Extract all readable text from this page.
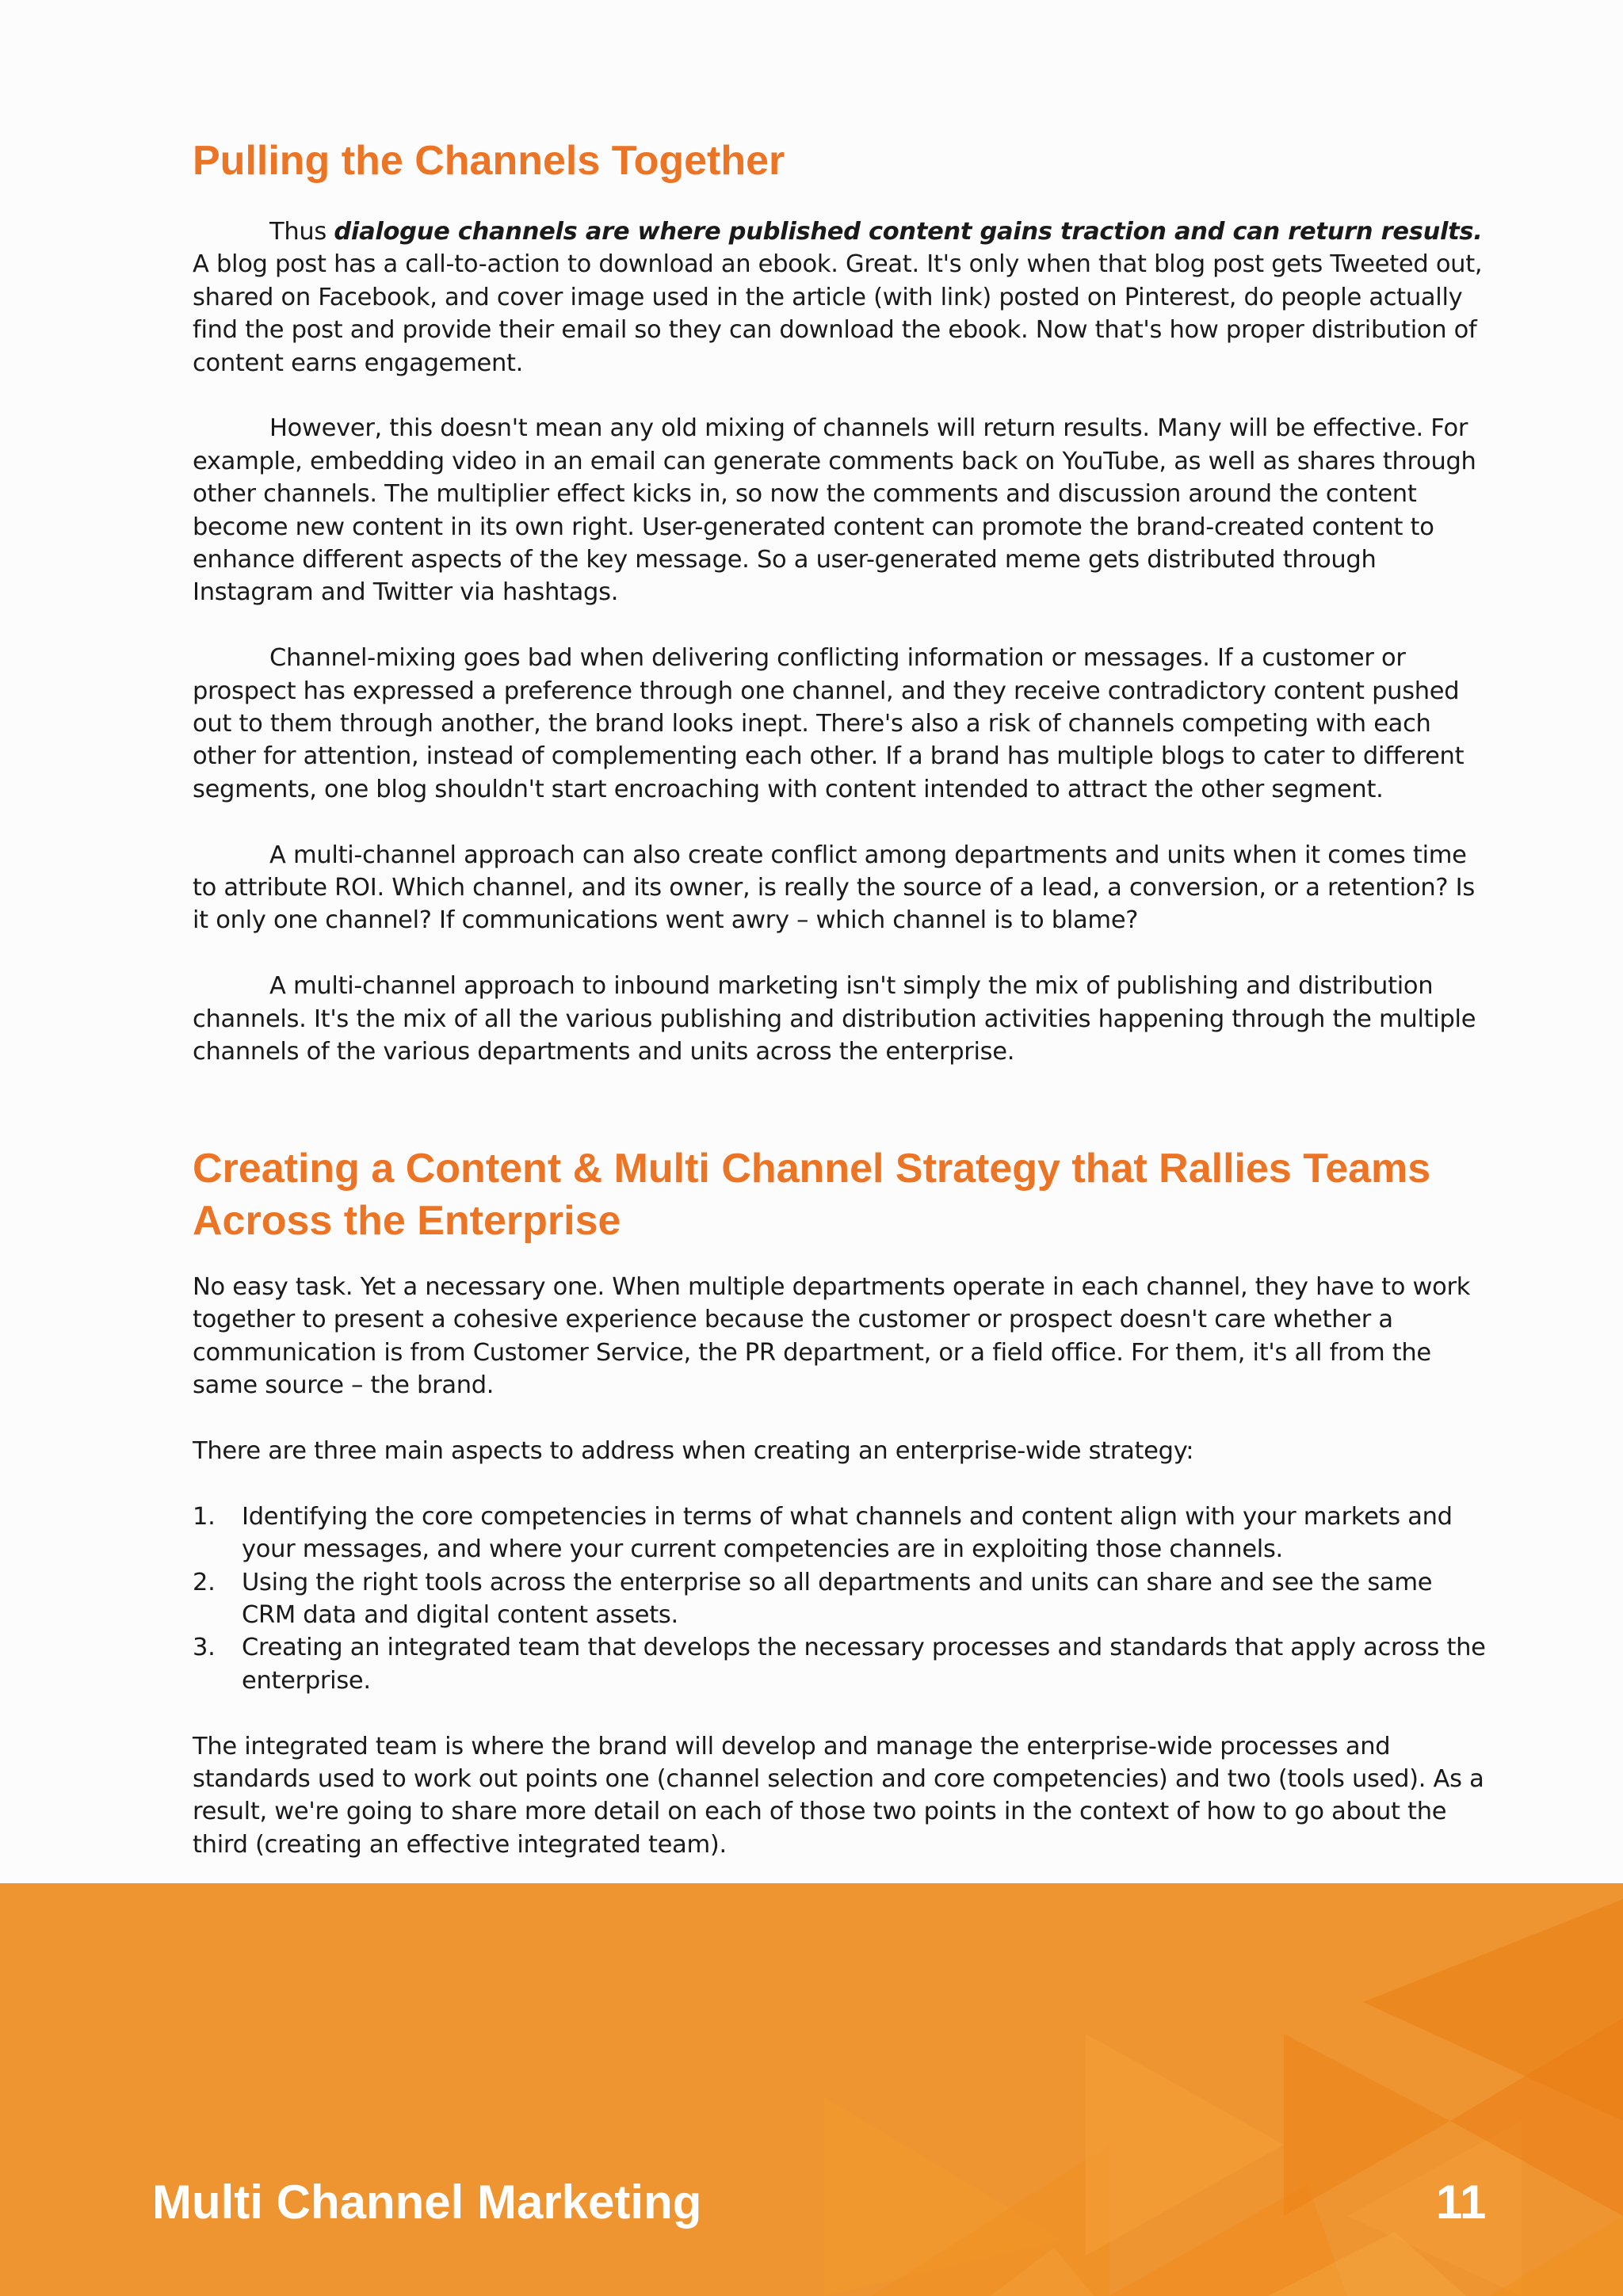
Pulling the Channels Together

Thus dialogue channels are where published content gains traction and can return results. A blog post has a call-to-action to download an ebook. Great. It's only when that blog post gets Tweeted out, shared on Facebook, and cover image used in the article (with link) posted on Pinterest, do people actually find the post and provide their email so they can download the ebook. Now that's how proper distribution of content earns engagement.

However, this doesn't mean any old mixing of channels will return results. Many will be effective. For example, embedding video in an email can generate comments back on YouTube, as well as shares through other channels. The multiplier effect kicks in, so now the comments and discussion around the content become new content in its own right. User-generated content can promote the brand-created content to enhance different aspects of the key message. So a user-generated meme gets distributed through Instagram and Twitter via hashtags.

Channel-mixing goes bad when delivering conflicting information or messages. If a customer or prospect has expressed a preference through one channel, and they receive contradictory content pushed out to them through another, the brand looks inept. There's also a risk of channels competing with each other for attention, instead of complementing each other. If a brand has multiple blogs to cater to different segments, one blog shouldn't start encroaching with content intended to attract the other segment.

A multi-channel approach can also create conflict among departments and units when it comes time to attribute ROI. Which channel, and its owner, is really the source of a lead, a conversion, or a retention? Is it only one channel? If communications went awry – which channel is to blame?

A multi-channel approach to inbound marketing isn't simply the mix of publishing and distribution channels. It's the mix of all the various publishing and distribution activities happening through the multiple channels of the various departments and units across the enterprise.

Creating a Content & Multi Channel Strategy that Rallies Teams Across the Enterprise

No easy task. Yet a necessary one. When multiple departments operate in each channel, they have to work together to present a cohesive experience because the customer or prospect doesn't care whether a communication is from Customer Service, the PR department, or a field office. For them, it's all from the same source – the brand.

There are three main aspects to address when creating an enterprise-wide strategy:

1. Identifying the core competencies in terms of what channels and content align with your markets and your messages, and where your current competencies are in exploiting those channels.
2. Using the right tools across the enterprise so all departments and units can share and see the same CRM data and digital content assets.
3. Creating an integrated team that develops the necessary processes and standards that apply across the enterprise.

The integrated team is where the brand will develop and manage the enterprise-wide processes and standards used to work out points one (channel selection and core competencies) and two (tools used). As a result, we're going to share more detail on each of those two points in the context of how to go about the third (creating an effective integrated team).

Multi Channel Marketing	11
